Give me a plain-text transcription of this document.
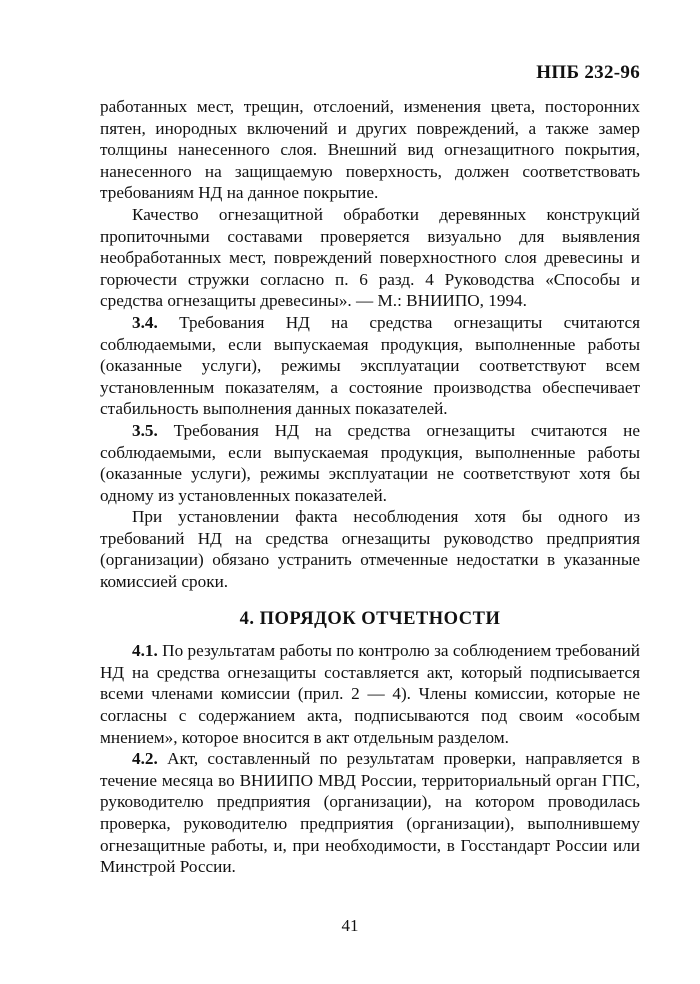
НПБ 232-96

работанных мест, трещин, отслоений, изменения цвета, посторонних пятен, инородных включений и других повреждений, а также замер толщины нанесенного слоя. Внешний вид огнезащитного покрытия, нанесенного на защищаемую поверхность, должен соответствовать требованиям НД на данное покрытие.

Качество огнезащитной обработки деревянных конструкций пропиточными составами проверяется визуально для выявления необработанных мест, повреждений поверхностного слоя древесины и горючести стружки согласно п. 6 разд. 4 Руководства «Способы и средства огнезащиты древесины». — М.: ВНИИПО, 1994.

3.4. Требования НД на средства огнезащиты считаются соблюдаемыми, если выпускаемая продукция, выполненные работы (оказанные услуги), режимы эксплуатации соответствуют всем установленным показателям, а состояние производства обеспечивает стабильность выполнения данных показателей.

3.5. Требования НД на средства огнезащиты считаются не соблюдаемыми, если выпускаемая продукция, выполненные работы (оказанные услуги), режимы эксплуатации не соответствуют хотя бы одному из установленных показателей.

При установлении факта несоблюдения хотя бы одного из требований НД на средства огнезащиты руководство предприятия (организации) обязано устранить отмеченные недостатки в указанные комиссией сроки.

4. ПОРЯДОК ОТЧЕТНОСТИ

4.1. По результатам работы по контролю за соблюдением требований НД на средства огнезащиты составляется акт, который подписывается всеми членами комиссии (прил. 2 — 4). Члены комиссии, которые не согласны с содержанием акта, подписываются под своим «особым мнением», которое вносится в акт отдельным разделом.

4.2. Акт, составленный по результатам проверки, направляется в течение месяца во ВНИИПО МВД России, территориальный орган ГПС, руководителю предприятия (организации), на котором проводилась проверка, руководителю предприятия (организации), выполнившему огнезащитные работы, и, при необходимости, в Госстандарт России или Минстрой России.

41
